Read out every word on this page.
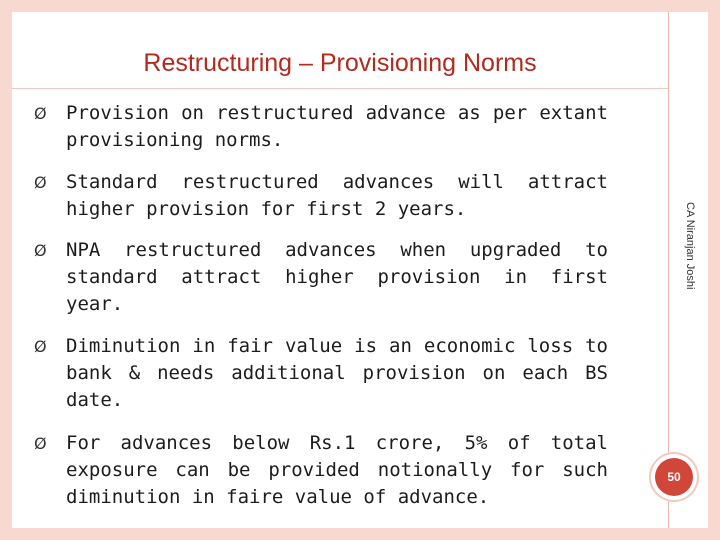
Restructuring – Provisioning Norms
Ø Provision on restructured advance as per extant provisioning norms.
Ø Standard restructured advances will attract higher provision for first 2 years.
Ø NPA restructured advances when upgraded to standard attract higher provision in first year.
Ø Diminution in fair value is an economic loss to bank & needs additional provision on each BS date.
Ø For advances below Rs.1 crore, 5% of total exposure can be provided notionally for such diminution in faire value of advance.
CA Niranjan Joshi
50
